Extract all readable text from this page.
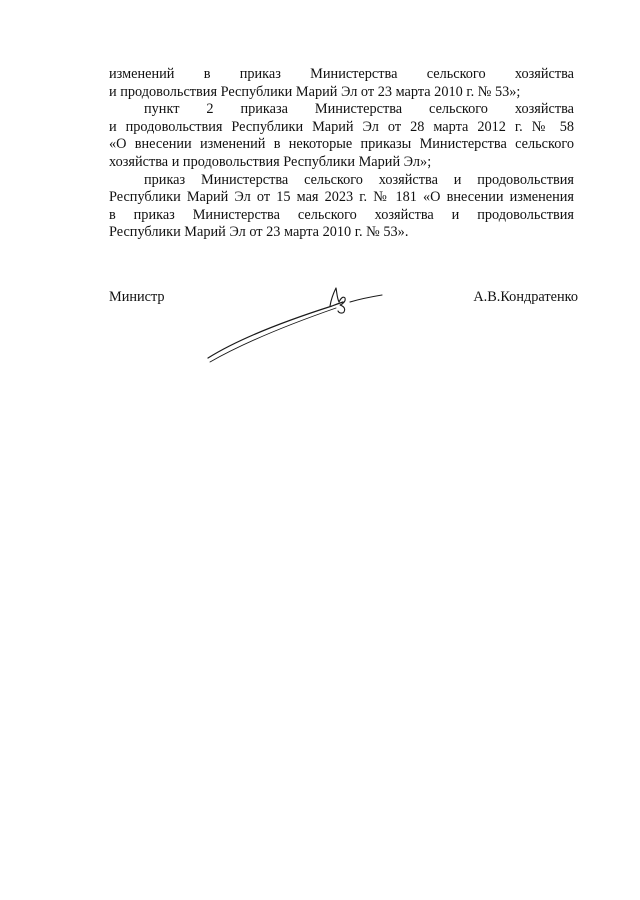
изменений в приказ Министерства сельского хозяйства
и продовольствия Республики Марий Эл от 23 марта 2010 г. № 53»;
пункт 2 приказа Министерства сельского хозяйства
и продовольствия Республики Марий Эл от 28 марта 2012 г. № 58
«О внесении изменений в некоторые приказы Министерства сельского
хозяйства и продовольствия Республики Марий Эл»;
приказ Министерства сельского хозяйства и продовольствия
Республики Марий Эл от 15 мая 2023 г. № 181 «О внесении изменения
в приказ Министерства сельского хозяйства и продовольствия
Республики Марий Эл от 23 марта 2010 г. № 53».
Министр	А.В.Кондратенко
